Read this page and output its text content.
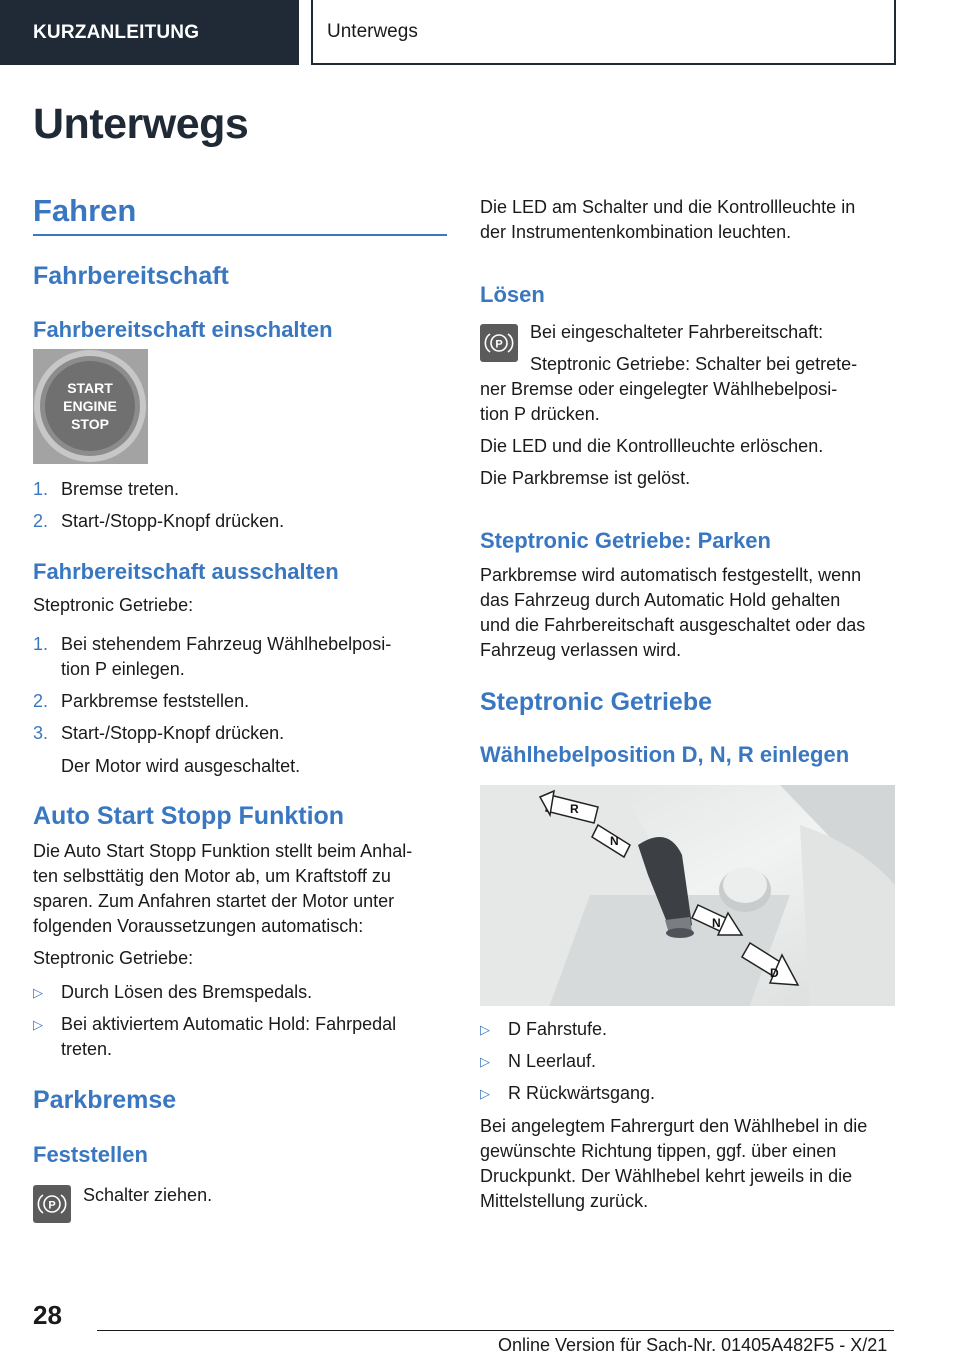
KURZANLEITUNG	Unterwegs
Unterwegs
Fahren
Fahrbereitschaft
Fahrbereitschaft einschalten
START
ENGINE
STOP
1. Bremse treten.
2. Start-/Stopp-Knopf drücken.
Fahrbereitschaft ausschalten
Steptronic Getriebe:
1. Bei stehendem Fahrzeug Wählhebelposi-
tion P einlegen.
2. Parkbremse feststellen.
3. Start-/Stopp-Knopf drücken.
Der Motor wird ausgeschaltet.
Auto Start Stopp Funktion
Die Auto Start Stopp Funktion stellt beim Anhal-
ten selbsttätig den Motor ab, um Kraftstoff zu
sparen. Zum Anfahren startet der Motor unter
folgenden Voraussetzungen automatisch:
Steptronic Getriebe:
▷ Durch Lösen des Bremspedals.
▷ Bei aktiviertem Automatic Hold: Fahrpedal
treten.
Parkbremse
Feststellen
P
Schalter ziehen.
Die LED am Schalter und die Kontrollleuchte in
der Instrumentenkombination leuchten.
Lösen
P
Bei eingeschalteter Fahrbereitschaft:
Steptronic Getriebe: Schalter bei getrete-
ner Bremse oder eingelegter Wählhebelposi-
tion P drücken.
Die LED und die Kontrollleuchte erlöschen.
Die Parkbremse ist gelöst.
Steptronic Getriebe: Parken
Parkbremse wird automatisch festgestellt, wenn
das Fahrzeug durch Automatic Hold gehalten
und die Fahrbereitschaft ausgeschaltet oder das
Fahrzeug verlassen wird.
Steptronic Getriebe
Wählhebelposition D, N, R einlegen
R
N
N
D
▷ D Fahrstufe.
▷ N Leerlauf.
▷ R Rückwärtsgang.
Bei angelegtem Fahrergurt den Wählhebel in die
gewünschte Richtung tippen, ggf. über einen
Druckpunkt. Der Wählhebel kehrt jeweils in die
Mittelstellung zurück.
28
Online Version für Sach-Nr. 01405A482F5 - X/21
